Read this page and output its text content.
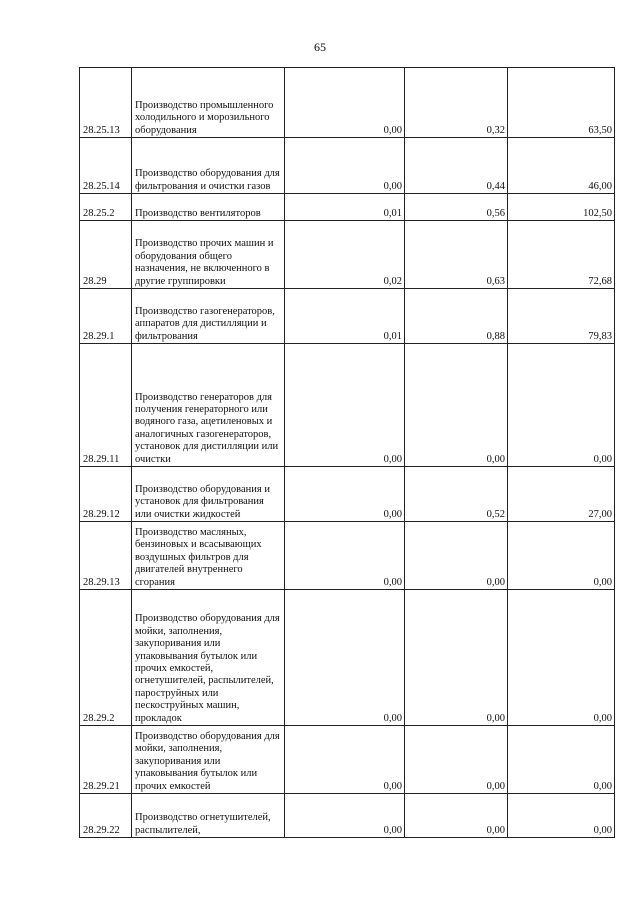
65
28.25.13	Производство промышленного холодильного и морозильного оборудования	0,00	0,32	63,50
28.25.14	Производство оборудования для фильтрования и очистки газов	0,00	0,44	46,00
28.25.2	Производство вентиляторов	0,01	0,56	102,50
28.29	Производство прочих машин и оборудования общего назначения, не включенного в другие группировки	0,02	0,63	72,68
28.29.1	Производство газогенераторов, аппаратов для дистилляции и фильтрования	0,01	0,88	79,83
28.29.11	Производство генераторов для получения генераторного или водяного газа, ацетиленовых и аналогичных газогенераторов, установок для дистилляции или очистки	0,00	0,00	0,00
28.29.12	Производство оборудования и установок для фильтрования или очистки жидкостей	0,00	0,52	27,00
28.29.13	Производство масляных, бензиновых и всасывающих воздушных фильтров для двигателей внутреннего сгорания	0,00	0,00	0,00
28.29.2	Производство оборудования для мойки, заполнения, закупоривания или упаковывания бутылок или прочих емкостей, огнетушителей, распылителей, пароструйных или пескоструйных машин, прокладок	0,00	0,00	0,00
28.29.21	Производство оборудования для мойки, заполнения, закупоривания или упаковывания бутылок или прочих емкостей	0,00	0,00	0,00
28.29.22	Производство огнетушителей, распылителей,	0,00	0,00	0,00
